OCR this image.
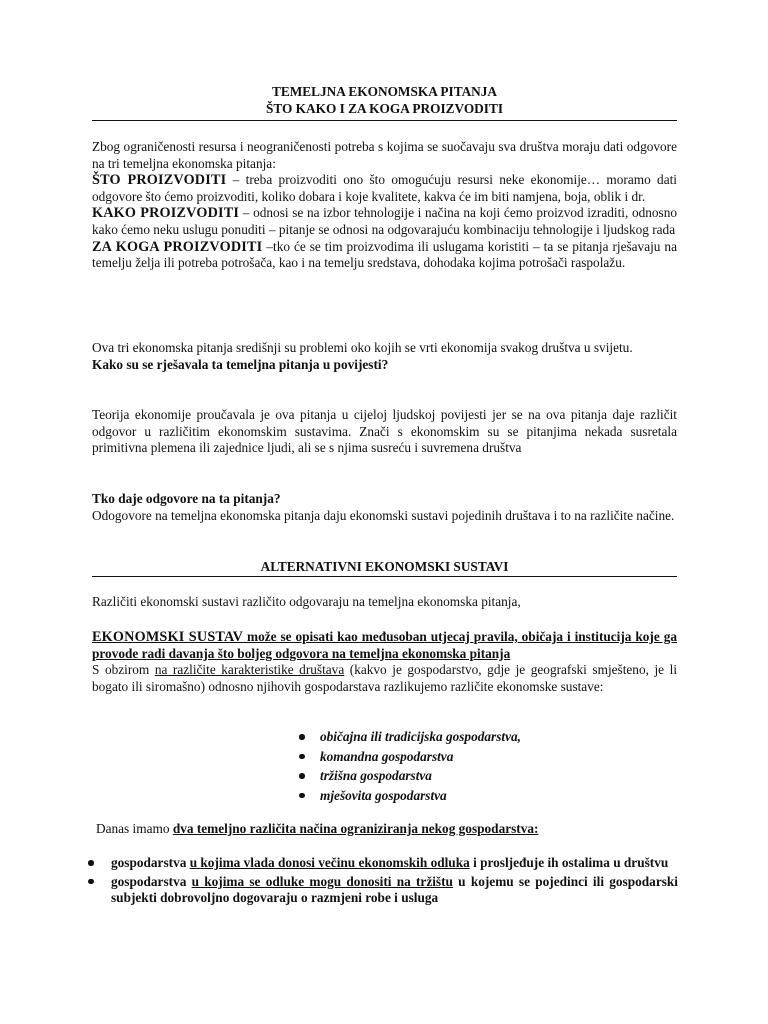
TEMELJNA EKONOMSKA PITANJA
ŠTO KAKO I ZA KOGA PROIZVODITI

Zbog ograničenosti resursa i neograničenosti potreba s kojima se suočavaju sva društva moraju dati odgovore na tri temeljna ekonomska pitanja:

ŠTO PROIZVODITI – treba proizvoditi ono što omogućuju resursi neke ekonomije… moramo dati odgovore što ćemo proizvoditi, koliko dobara i koje kvalitete, kakva će im biti namjena, boja, oblik i dr.

KAKO PROIZVODITI – odnosi se na izbor tehnologije i načina na koji ćemo proizvod izraditi, odnosno kako ćemo neku uslugu ponuditi – pitanje se odnosi na odgovarajuću kombinaciju tehnologije i ljudskog rada

ZA KOGA PROIZVODITI –tko će se tim proizvodima ili uslugama koristiti – ta se pitanja rješavaju na temelju želja ili potreba potrošača, kao i na temelju sredstava, dohodaka kojima potrošači raspolažu.

Ova tri ekonomska pitanja središnji su problemi oko kojih se vrti ekonomija svakog društva u svijetu.

Kako su se rješavala ta temeljna pitanja u povijesti?

Teorija ekonomije proučavala je ova pitanja u cijeloj ljudskoj povijesti jer se na ova pitanja daje različit odgovor u različitim ekonomskim sustavima. Znači s ekonomskim su se pitanjima nekada susretala primitivna plemena ili zajednice ljudi, ali se s njima susreću i suvremena društva

Tko daje odgovore na ta pitanja?

Odogovore na temeljna ekonomska pitanja daju ekonomski sustavi pojedinih društava i to na različite načine.

ALTERNATIVNI EKONOMSKI SUSTAVI

Različiti ekonomski sustavi različito odgovaraju na temeljna ekonomska pitanja,

EKONOMSKI SUSTAV može se opisati kao međusoban utjecaj pravila, običaja i institucija koje ga provode radi davanja što boljeg odgovora na temeljna ekonomska pitanja

S obzirom na različite karakteristike društava (kakvo je gospodarstvo, gdje je geografski smješteno, je li bogato ili siromašno) odnosno njihovih gospodarstava razlikujemo različite ekonomske sustave:

običajna ili tradicijska gospodarstva,
komandna gospodarstva
tržišna gospodarstva
mješovita gospodarstva

Danas imamo dva temeljno različita načina ograniziranja nekog gospodarstva:

gospodarstva u kojima vlada donosi večinu ekonomskih odluka i prosljeđuje ih ostalima u društvu
gospodarstva u kojima se odluke mogu donositi na tržištu u kojemu se pojedinci ili gospodarski subjekti dobrovoljno dogovaraju o razmjeni robe i usluga
